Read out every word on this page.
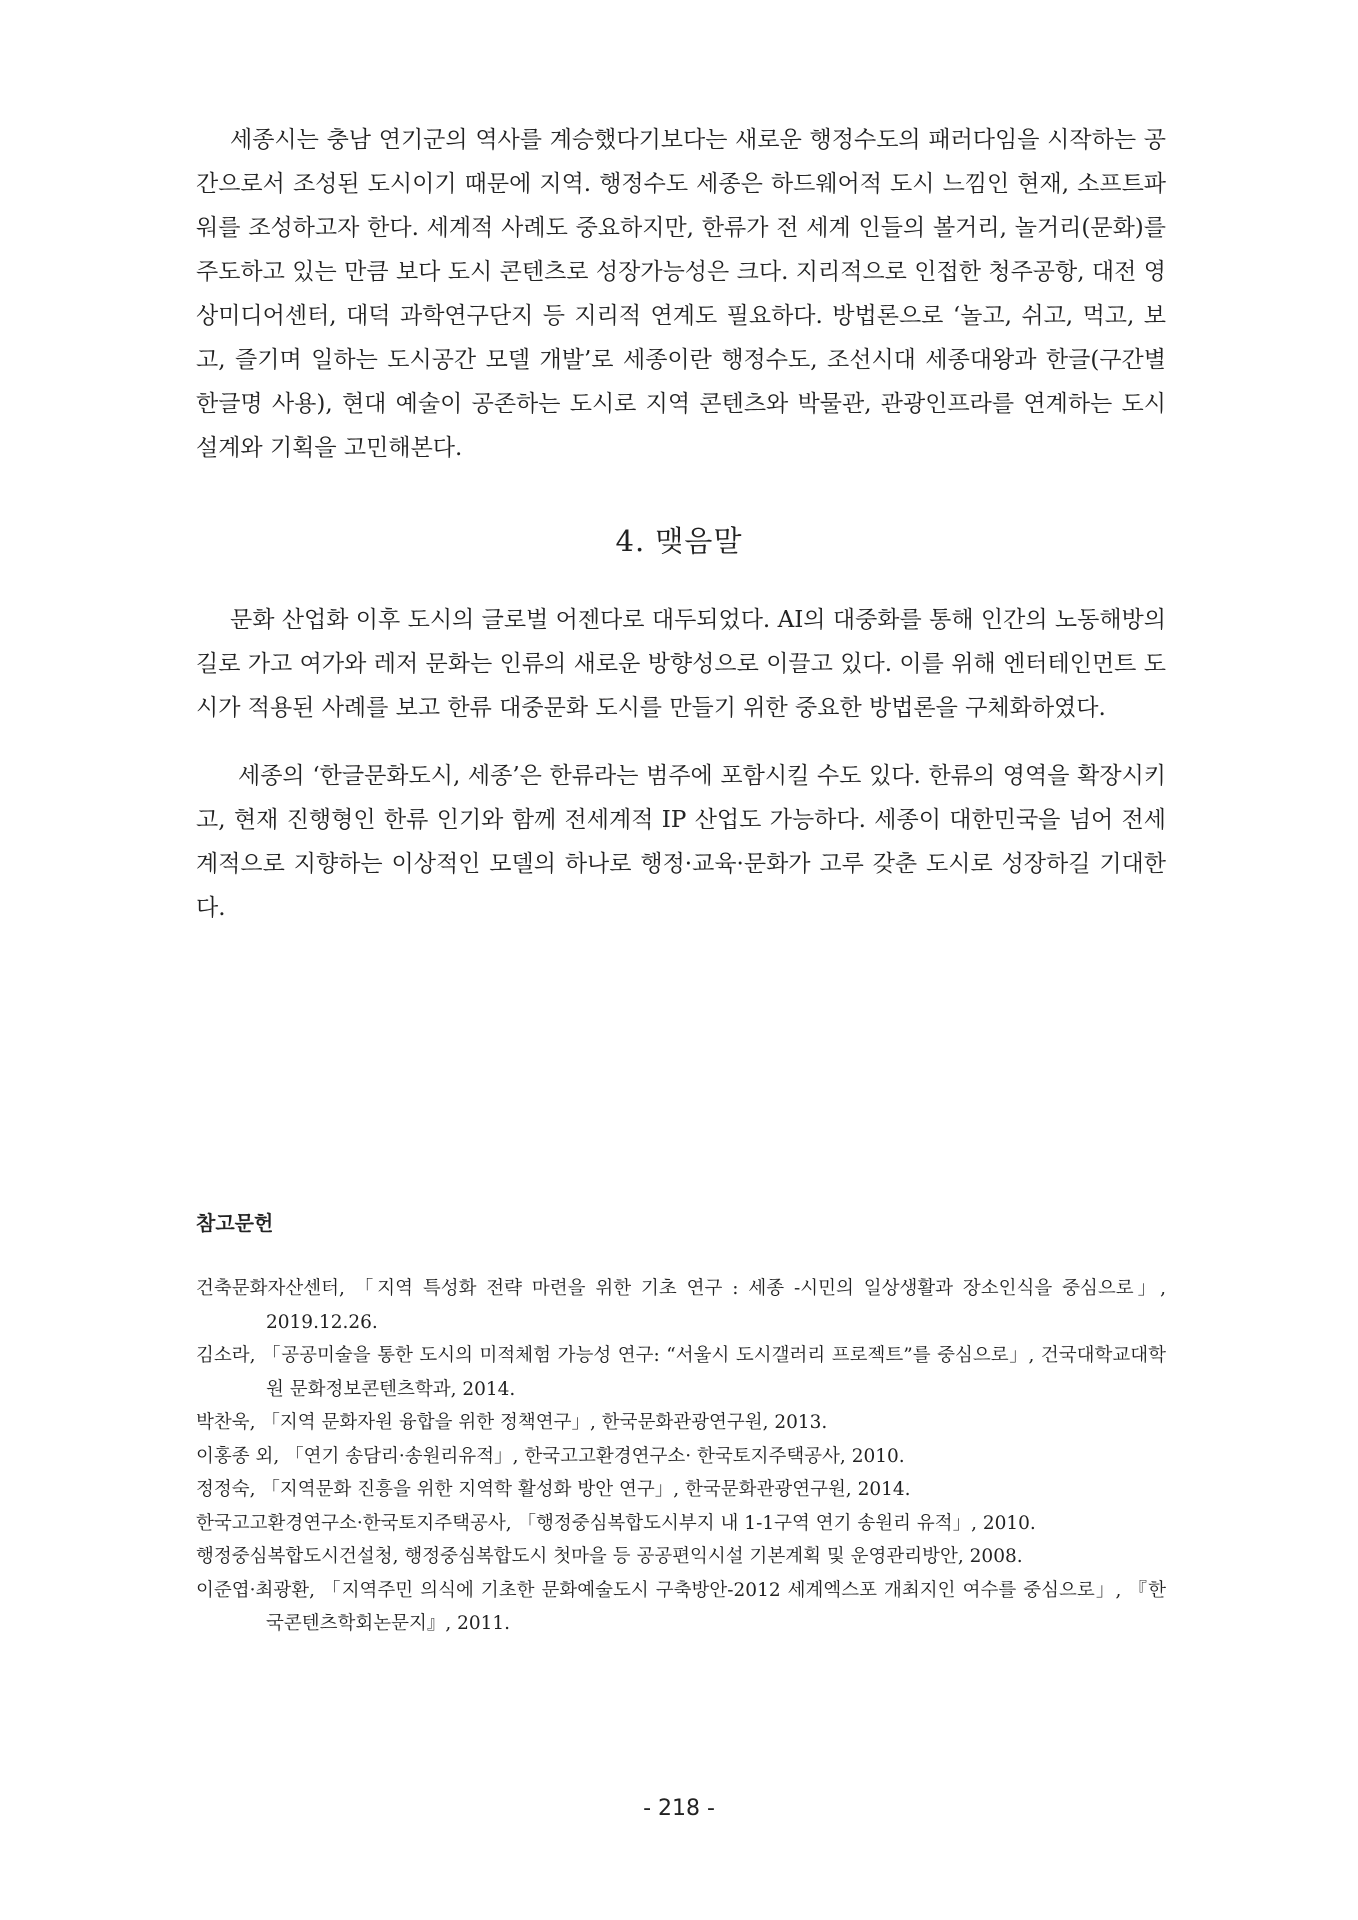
세종시는 충남 연기군의 역사를 계승했다기보다는 새로운 행정수도의 패러다임을 시작하는 공간으로서 조성된 도시이기 때문에 지역. 행정수도 세종은 하드웨어적 도시 느낌인 현재, 소프트파워를 조성하고자 한다. 세계적 사례도 중요하지만, 한류가 전 세계 인들의 볼거리, 놀거리(문화)를 주도하고 있는 만큼 보다 도시 콘텐츠로 성장가능성은 크다. 지리적으로 인접한 청주공항, 대전 영상미디어센터, 대덕 과학연구단지 등 지리적 연계도 필요하다. 방법론으로 ‘놀고, 쉬고, 먹고, 보고, 즐기며 일하는 도시공간 모델 개발’로 세종이란 행정수도, 조선시대 세종대왕과 한글(구간별 한글명 사용), 현대 예술이 공존하는 도시로 지역 콘텐츠와 박물관, 관광인프라를 연계하는 도시설계와 기획을 고민해본다.

4. 맺음말

문화 산업화 이후 도시의 글로벌 어젠다로 대두되었다. AI의 대중화를 통해 인간의 노동해방의 길로 가고 여가와 레저 문화는 인류의 새로운 방향성으로 이끌고 있다. 이를 위해 엔터테인먼트 도시가 적용된 사례를 보고 한류 대중문화 도시를 만들기 위한 중요한 방법론을 구체화하였다.

세종의 ‘한글문화도시, 세종’은 한류라는 범주에 포함시킬 수도 있다. 한류의 영역을 확장시키고, 현재 진행형인 한류 인기와 함께 전세계적 IP 산업도 가능하다. 세종이 대한민국을 넘어 전세계적으로 지향하는 이상적인 모델의 하나로 행정·교육·문화가 고루 갖춘 도시로 성장하길 기대한다.

참고문헌
건축문화자산센터, 「지역 특성화 전략 마련을 위한 기초 연구 : 세종 -시민의 일상생활과 장소인식을 중심으로」, 2019.12.26.
김소라, 「공공미술을 통한 도시의 미적체험 가능성 연구: “서울시 도시갤러리 프로젝트”를 중심으로」, 건국대학교대학원 문화정보콘텐츠학과, 2014.
박찬욱, 「지역 문화자원 융합을 위한 정책연구」, 한국문화관광연구원, 2013.
이홍종 외, 「연기 송담리·송원리유적」, 한국고고환경연구소· 한국토지주택공사, 2010.
정정숙, 「지역문화 진흥을 위한 지역학 활성화 방안 연구」, 한국문화관광연구원, 2014.
한국고고환경연구소·한국토지주택공사, 「행정중심복합도시부지 내 1-1구역 연기 송원리 유적」, 2010.
행정중심복합도시건설청, 행정중심복합도시 첫마을 등 공공편익시설 기본계획 및 운영관리방안, 2008.
이준엽·최광환, 「지역주민 의식에 기초한 문화예술도시 구축방안-2012 세계엑스포 개최지인 여수를 중심으로」, 『한국콘텐츠학회논문지』, 2011.
- 218 -
